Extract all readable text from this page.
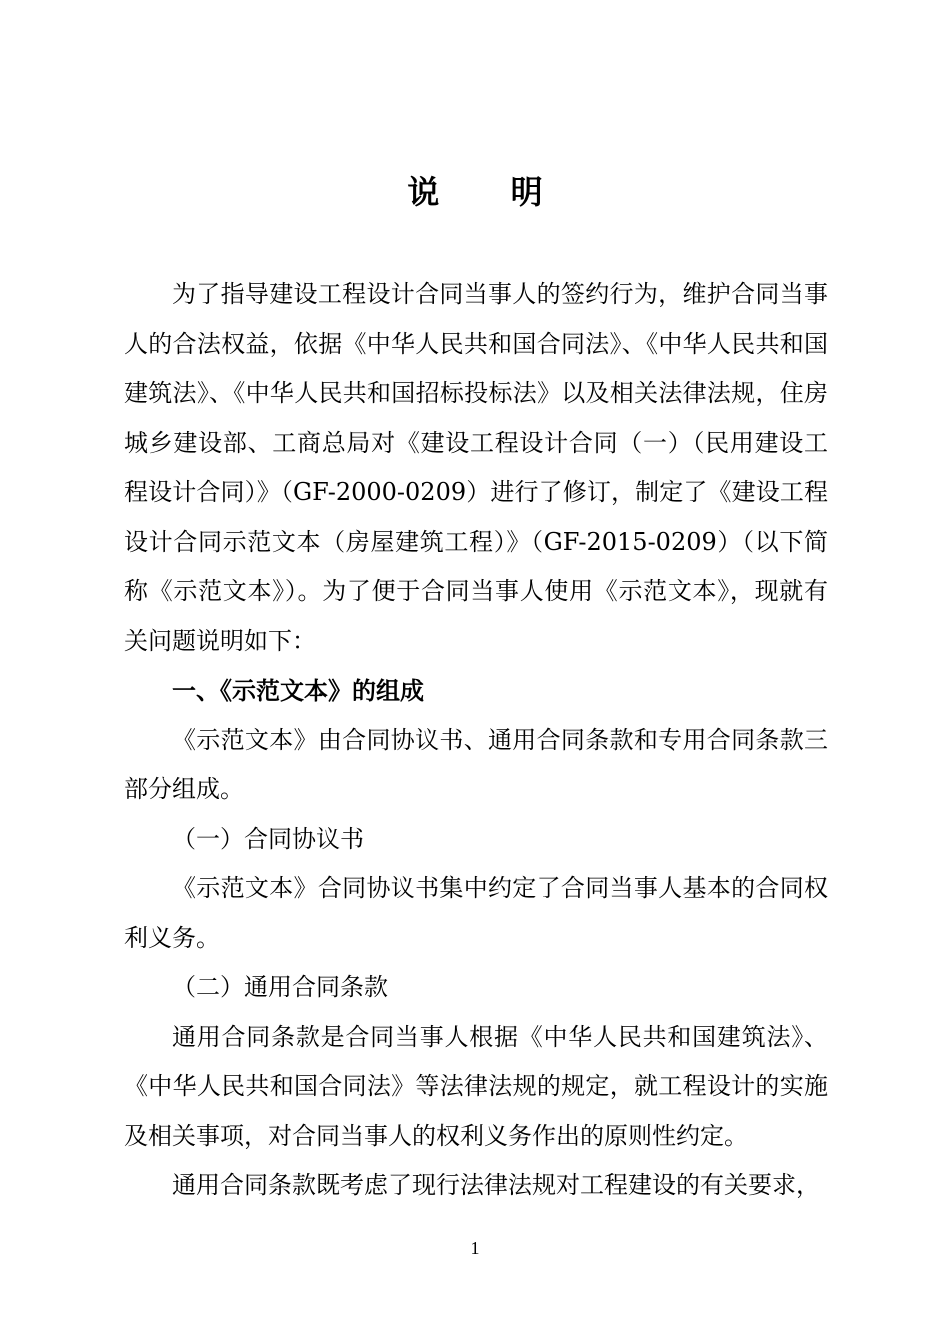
说 明

为了指导建设工程设计合同当事人的签约行为，维护合同当事人的合法权益，依据《中华人民共和国合同法》、《中华人民共和国建筑法》、《中华人民共和国招标投标法》以及相关法律法规，住房城乡建设部、工商总局对《建设工程设计合同（一）（民用建设工程设计合同）》（GF-2000-0209）进行了修订，制定了《建设工程设计合同示范文本（房屋建筑工程）》（GF-2015-0209）（以下简称《示范文本》）。为了便于合同当事人使用《示范文本》，现就有关问题说明如下：

一、《示范文本》的组成

《示范文本》由合同协议书、通用合同条款和专用合同条款三部分组成。

（一）合同协议书

《示范文本》合同协议书集中约定了合同当事人基本的合同权利义务。

（二）通用合同条款

通用合同条款是合同当事人根据《中华人民共和国建筑法》、《中华人民共和国合同法》等法律法规的规定，就工程设计的实施及相关事项，对合同当事人的权利义务作出的原则性约定。

通用合同条款既考虑了现行法律法规对工程建设的有关要求，

1
